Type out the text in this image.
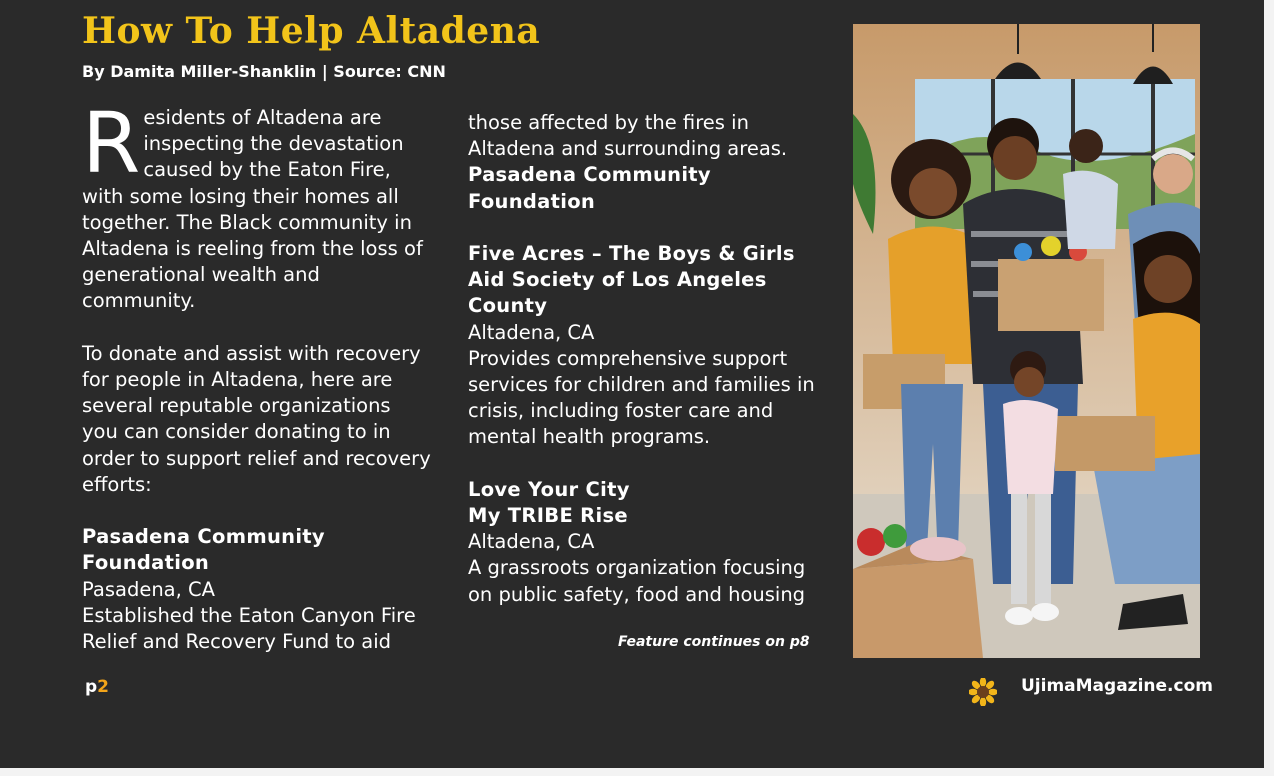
How To Help Altadena
By Damita Miller-Shanklin | Source: CNN

Residents of Altadena are inspecting the devastation caused by the Eaton Fire, with some losing their homes all together. The Black community in Altadena is reeling from the loss of generational wealth and community.

To donate and assist with recovery for people in Altadena, here are several reputable organizations you can consider donating to in order to support relief and recovery efforts:

Pasadena Community Foundation

Pasadena, CA

Established the Eaton Canyon Fire Relief and Recovery Fund to aid

those affected by the fires in Altadena and surrounding areas.

Pasadena Community Foundation

Five Acres – The Boys & Girls Aid Society of Los Angeles County

Altadena, CA

Provides comprehensive support services for children and families in crisis, including foster care and mental health programs.

Love Your City

My TRIBE Rise

Altadena, CA

A grassroots organization focusing on public safety, food and housing

Feature continues on p8
p2	UjimaMagazine.com
